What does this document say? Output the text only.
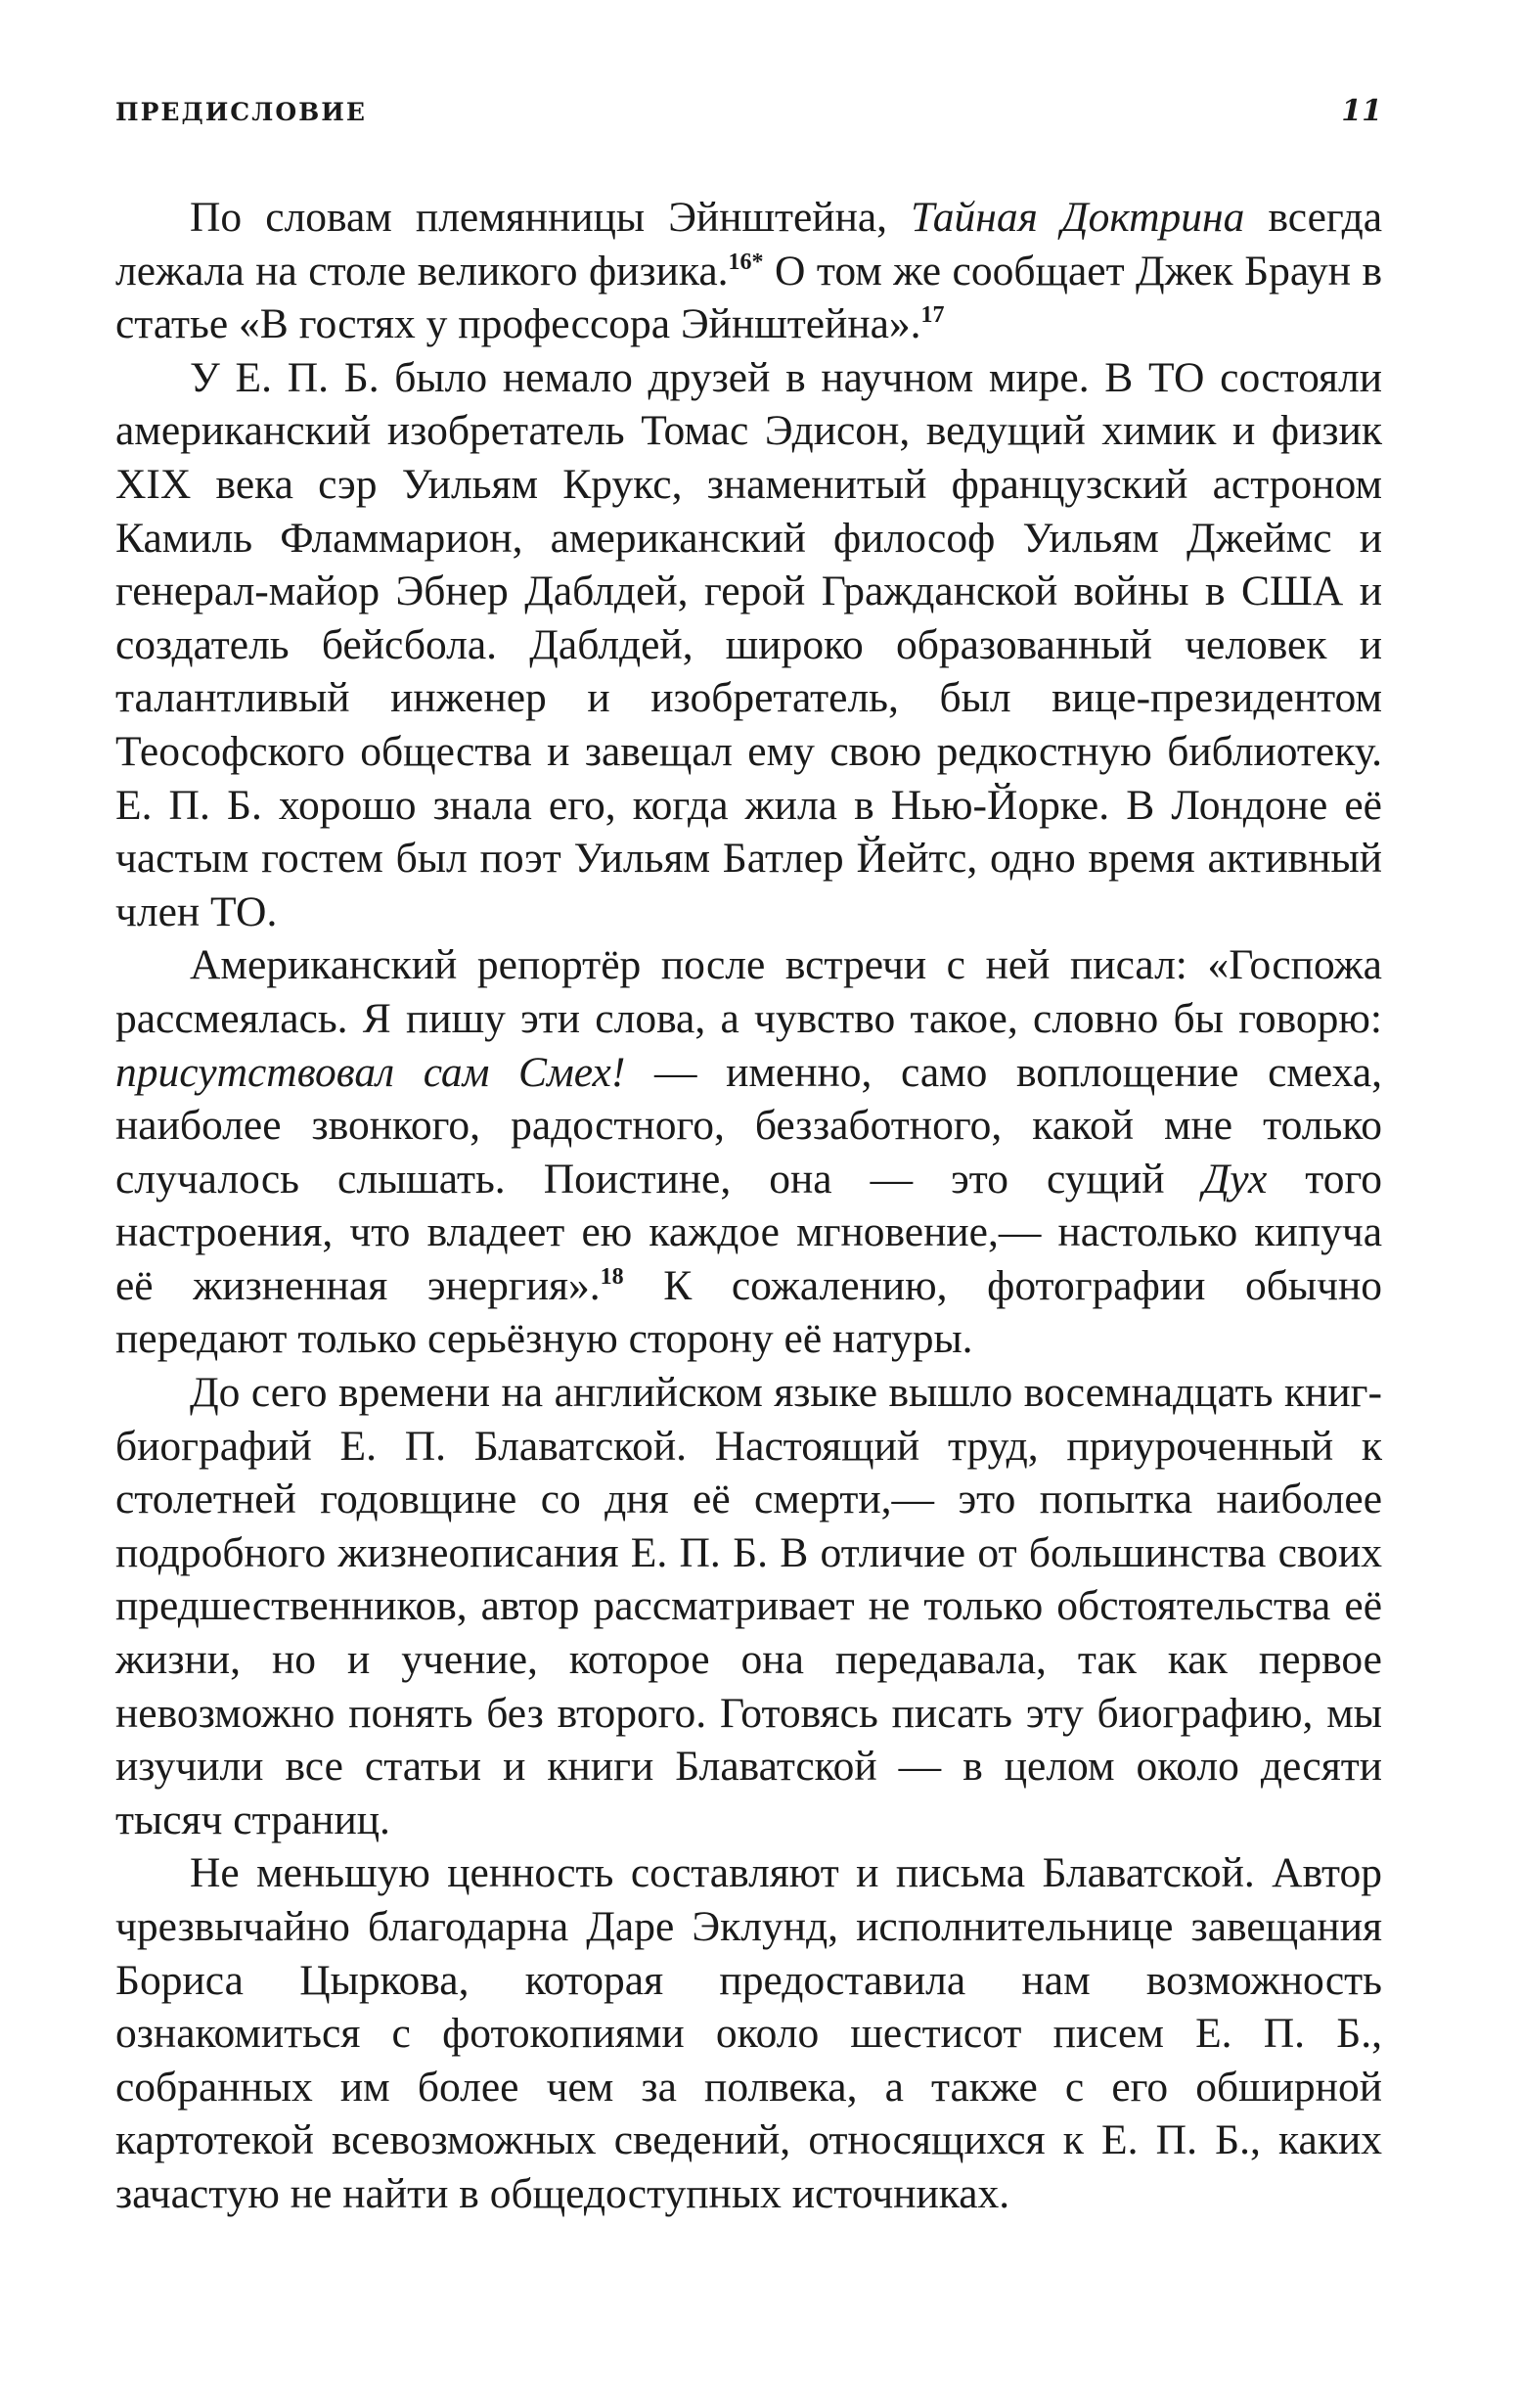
ПРЕДИСЛОВИЕ	11

По словам племянницы Эйнштейна, Тайная Доктрина всегда лежала на столе великого физика.$^{16*}$ О том же сообщает Джек Браун в статье «В гостях у профессора Эйнштейна».$^{17}$

У Е. П. Б. было немало друзей в научном мире. В ТО состояли американский изобретатель Томас Эдисон, ведущий химик и физик XIX века сэр Уильям Крукс, знаменитый французский астроном Камиль Фламмарион, американский философ Уильям Джеймс и генерал-майор Эбнер Даблдей, герой Гражданской войны в США и создатель бейсбола. Даблдей, широко образованный человек и талантливый инженер и изобретатель, был вице-президентом Теософского общества и завещал ему свою редкостную библиотеку. Е. П. Б. хорошо знала его, когда жила в Нью-Йорке. В Лондоне её частым гостем был поэт Уильям Батлер Йейтс, одно время активный член ТО.

Американский репортёр после встречи с ней писал: «Госпожа рассмеялась. Я пишу эти слова, а чувство такое, словно бы говорю: присутствовал сам Смех! — именно, само воплощение смеха, наиболее звонкого, радостного, беззаботного, какой мне только случалось слышать. Поистине, она — это сущий Дух того настроения, что владеет ею каждое мгновение,— настолько кипуча её жизненная энергия».$^{18}$ К сожалению, фотографии обычно передают только серьёзную сторону её натуры.

До сего времени на английском языке вышло восемнадцать книг-биографий Е. П. Блаватской. Настоящий труд, приуроченный к столетней годовщине со дня её смерти,— это попытка наиболее подробного жизнеописания Е. П. Б. В отличие от большинства своих предшественников, автор рассматривает не только обстоятельства её жизни, но и учение, которое она передавала, так как первое невозможно понять без второго. Готовясь писать эту биографию, мы изучили все статьи и книги Блаватской — в целом около десяти тысяч страниц.

Не меньшую ценность составляют и письма Блаватской. Автор чрезвычайно благодарна Даре Эклунд, исполнительнице завещания Бориса Цыркова, которая предоставила нам возможность ознакомиться с фотокопиями около шестисот писем Е. П. Б., собранных им более чем за полвека, а также с его обширной картотекой всевозможных сведений, относящихся к Е. П. Б., каких зачастую не найти в общедоступных источниках.
